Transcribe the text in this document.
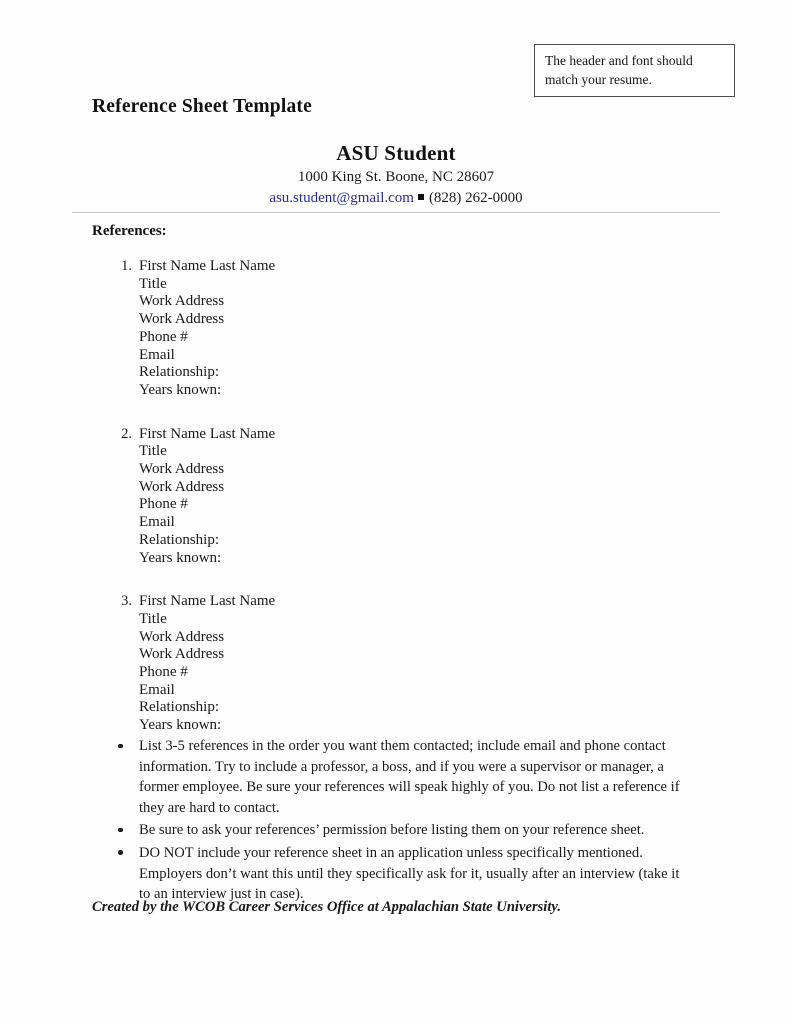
The header and font should match your resume.
Reference Sheet Template
ASU Student
1000 King St. Boone, NC 28607
asu.student@gmail.com (828) 262-0000
References:
1. First Name Last Name
Title
Work Address
Work Address
Phone #
Email
Relationship:
Years known:
2. First Name Last Name
Title
Work Address
Work Address
Phone #
Email
Relationship:
Years known:
3. First Name Last Name
Title
Work Address
Work Address
Phone #
Email
Relationship:
Years known:
List 3-5 references in the order you want them contacted; include email and phone contact information. Try to include a professor, a boss, and if you were a supervisor or manager, a former employee. Be sure your references will speak highly of you. Do not list a reference if they are hard to contact.
Be sure to ask your references’ permission before listing them on your reference sheet.
DO NOT include your reference sheet in an application unless specifically mentioned. Employers don’t want this until they specifically ask for it, usually after an interview (take it to an interview just in case).
Created by the WCOB Career Services Office at Appalachian State University.
